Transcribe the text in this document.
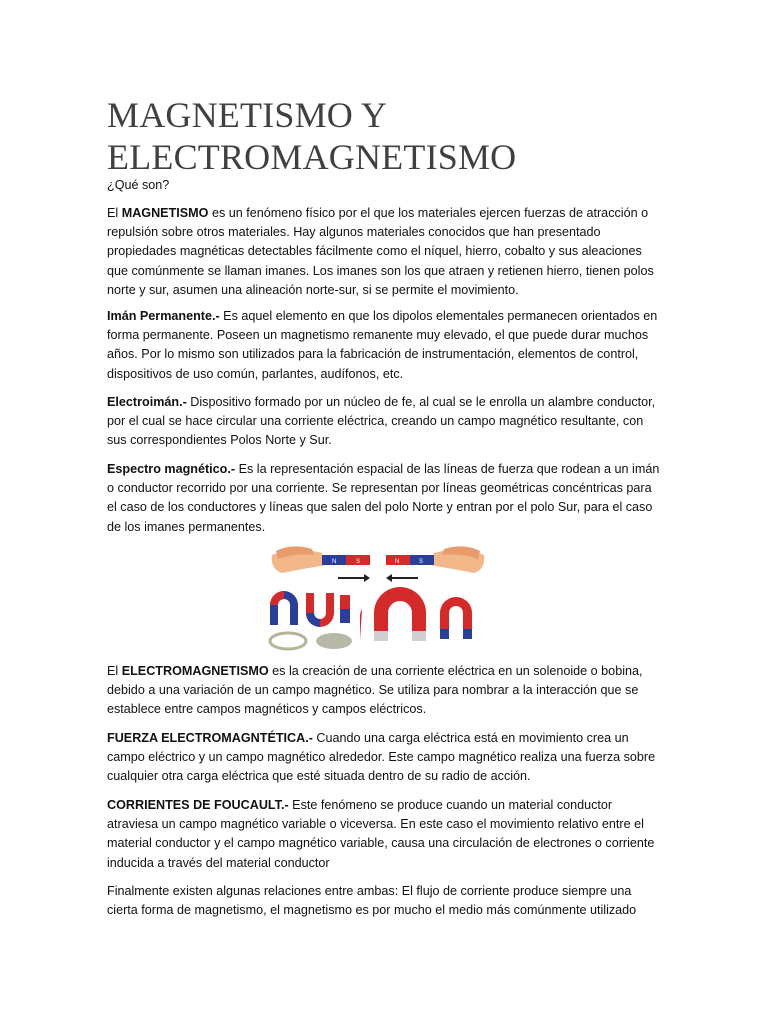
MAGNETISMO Y
ELECTROMAGNETISMO
¿Qué son?

El MAGNETISMO es un fenómeno físico por el que los materiales ejercen fuerzas de atracción o repulsión sobre otros materiales. Hay algunos materiales conocidos que han presentado propiedades magnéticas detectables fácilmente como el níquel, hierro, cobalto y sus aleaciones que comúnmente se llaman imanes. Los imanes son los que atraen y retienen hierro, tienen polos norte y sur, asumen una alineación norte-sur, si se permite el movimiento.

Imán Permanente.- Es aquel elemento en que los dipolos elementales permanecen orientados en forma permanente. Poseen un magnetismo remanente muy elevado, el que puede durar muchos años. Por lo mismo son utilizados para la fabricación de instrumentación, elementos de control, dispositivos de uso común, parlantes, audífonos, etc.

Electroimán.- Dispositivo formado por un núcleo de fe, al cual se le enrolla un alambre conductor, por el cual se hace circular una corriente eléctrica, creando un campo magnético resultante, con sus correspondientes Polos Norte y Sur.

Espectro magnético.- Es la representación espacial de las líneas de fuerza que rodean a un imán o conductor recorrido por una corriente. Se representan por líneas geométricas concéntricas para el caso de los conductores y líneas que salen del polo Norte y entran por el polo Sur, para el caso de los imanes permanentes.

N	S	N	S

El ELECTROMAGNETISMO es la creación de una corriente eléctrica en un solenoide o bobina, debido a una variación de un campo magnético. Se utiliza para nombrar a la interacción que se establece entre campos magnéticos y campos eléctricos.

FUERZA ELECTROMAGNTÉTICA.- Cuando una carga eléctrica está en movimiento crea un campo eléctrico y un campo magnético alrededor. Este campo magnético realiza una fuerza sobre cualquier otra carga eléctrica que esté situada dentro de su radio de acción.

CORRIENTES DE FOUCAULT.- Este fenómeno se produce cuando un material conductor atraviesa un campo magnético variable o viceversa. En este caso el movimiento relativo entre el material conductor y el campo magnético variable, causa una circulación de electrones o corriente inducida a través del material conductor

Finalmente existen algunas relaciones entre ambas: El flujo de corriente produce siempre una cierta forma de magnetismo, el magnetismo es por mucho el medio más comúnmente utilizado
